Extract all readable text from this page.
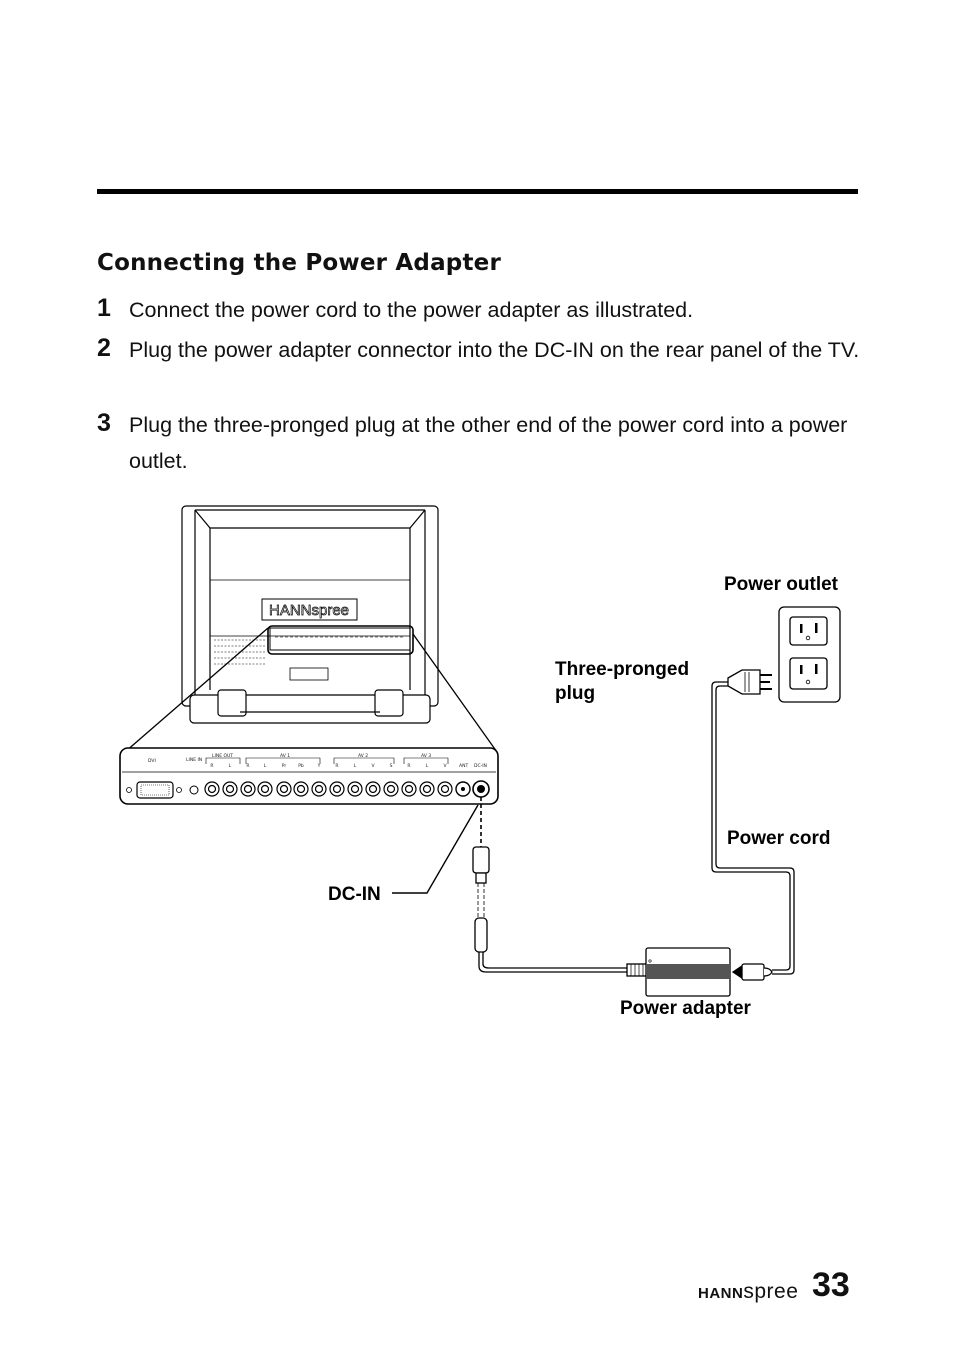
Connecting the Power Adapter
1 Connect the power cord to the power adapter as illustrated.
2 Plug the power adapter connector into the DC-IN on the rear panel of the TV.
3 Plug the three-pronged plug at the other end of the power cord into a power outlet.
HANNspree
DVI	LINE IN
LINE OUT	AV 1	AV 2	AV 3
ANT DC-IN
R	L	R	L	Pr	Pb	Y	R	L	V	S	R	L	V
Power outlet
Three-pronged
plug
Power cord
DC-IN
Power adapter
HANNspree 33
